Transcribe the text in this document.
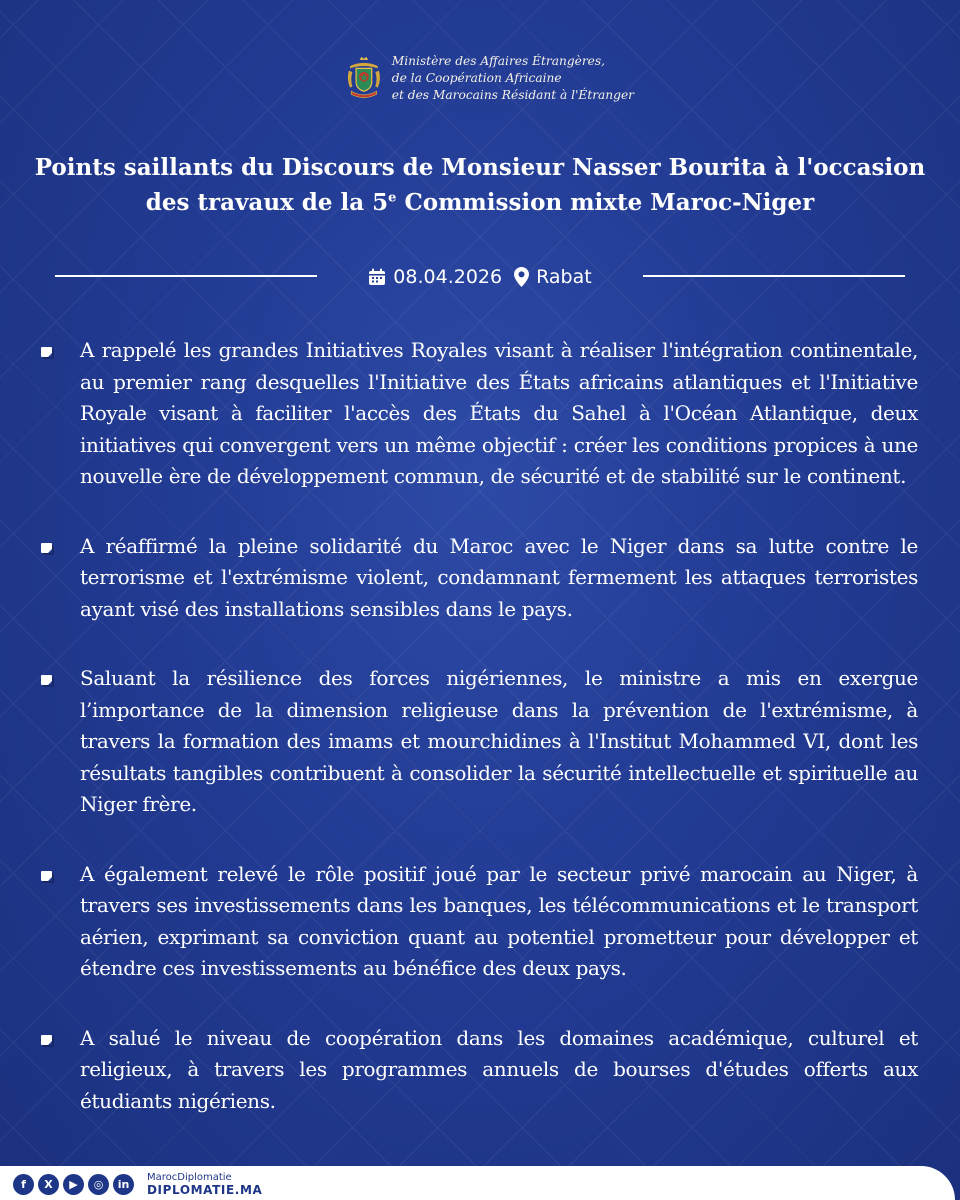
Ministère des Affaires Étrangères,
de la Coopération Africaine
et des Marocains Résidant à l'Étranger
Points saillants du Discours de Monsieur Nasser Bourita à l'occasion
des travaux de la 5e Commission mixte Maroc-Niger
08.04.2026 Rabat
A rappelé les grandes Initiatives Royales visant à réaliser l'intégration continentale, au premier rang desquelles l'Initiative des États africains atlantiques et l'Initiative Royale visant à faciliter l'accès des États du Sahel à l'Océan Atlantique, deux initiatives qui convergent vers un même objectif : créer les conditions propices à une nouvelle ère de développement commun, de sécurité et de stabilité sur le continent.
A réaffirmé la pleine solidarité du Maroc avec le Niger dans sa lutte contre le terrorisme et l'extrémisme violent, condamnant fermement les attaques terroristes ayant visé des installations sensibles dans le pays.
Saluant la résilience des forces nigériennes, le ministre a mis en exergue l’importance de la dimension religieuse dans la prévention de l'extrémisme, à travers la formation des imams et mourchidines à l'Institut Mohammed VI, dont les résultats tangibles contribuent à consolider la sécurité intellectuelle et spirituelle au Niger frère.
A également relevé le rôle positif joué par le secteur privé marocain au Niger, à travers ses investissements dans les banques, les télécommunications et le transport aérien, exprimant sa conviction quant au potentiel prometteur pour développer et étendre ces investissements au bénéfice des deux pays.
A salué le niveau de coopération dans les domaines académique, culturel et religieux, à travers les programmes annuels de bourses d'études offerts aux étudiants nigériens.
f	X	▶	◎	in
MarocDiplomatie
DIPLOMATIE.MA
